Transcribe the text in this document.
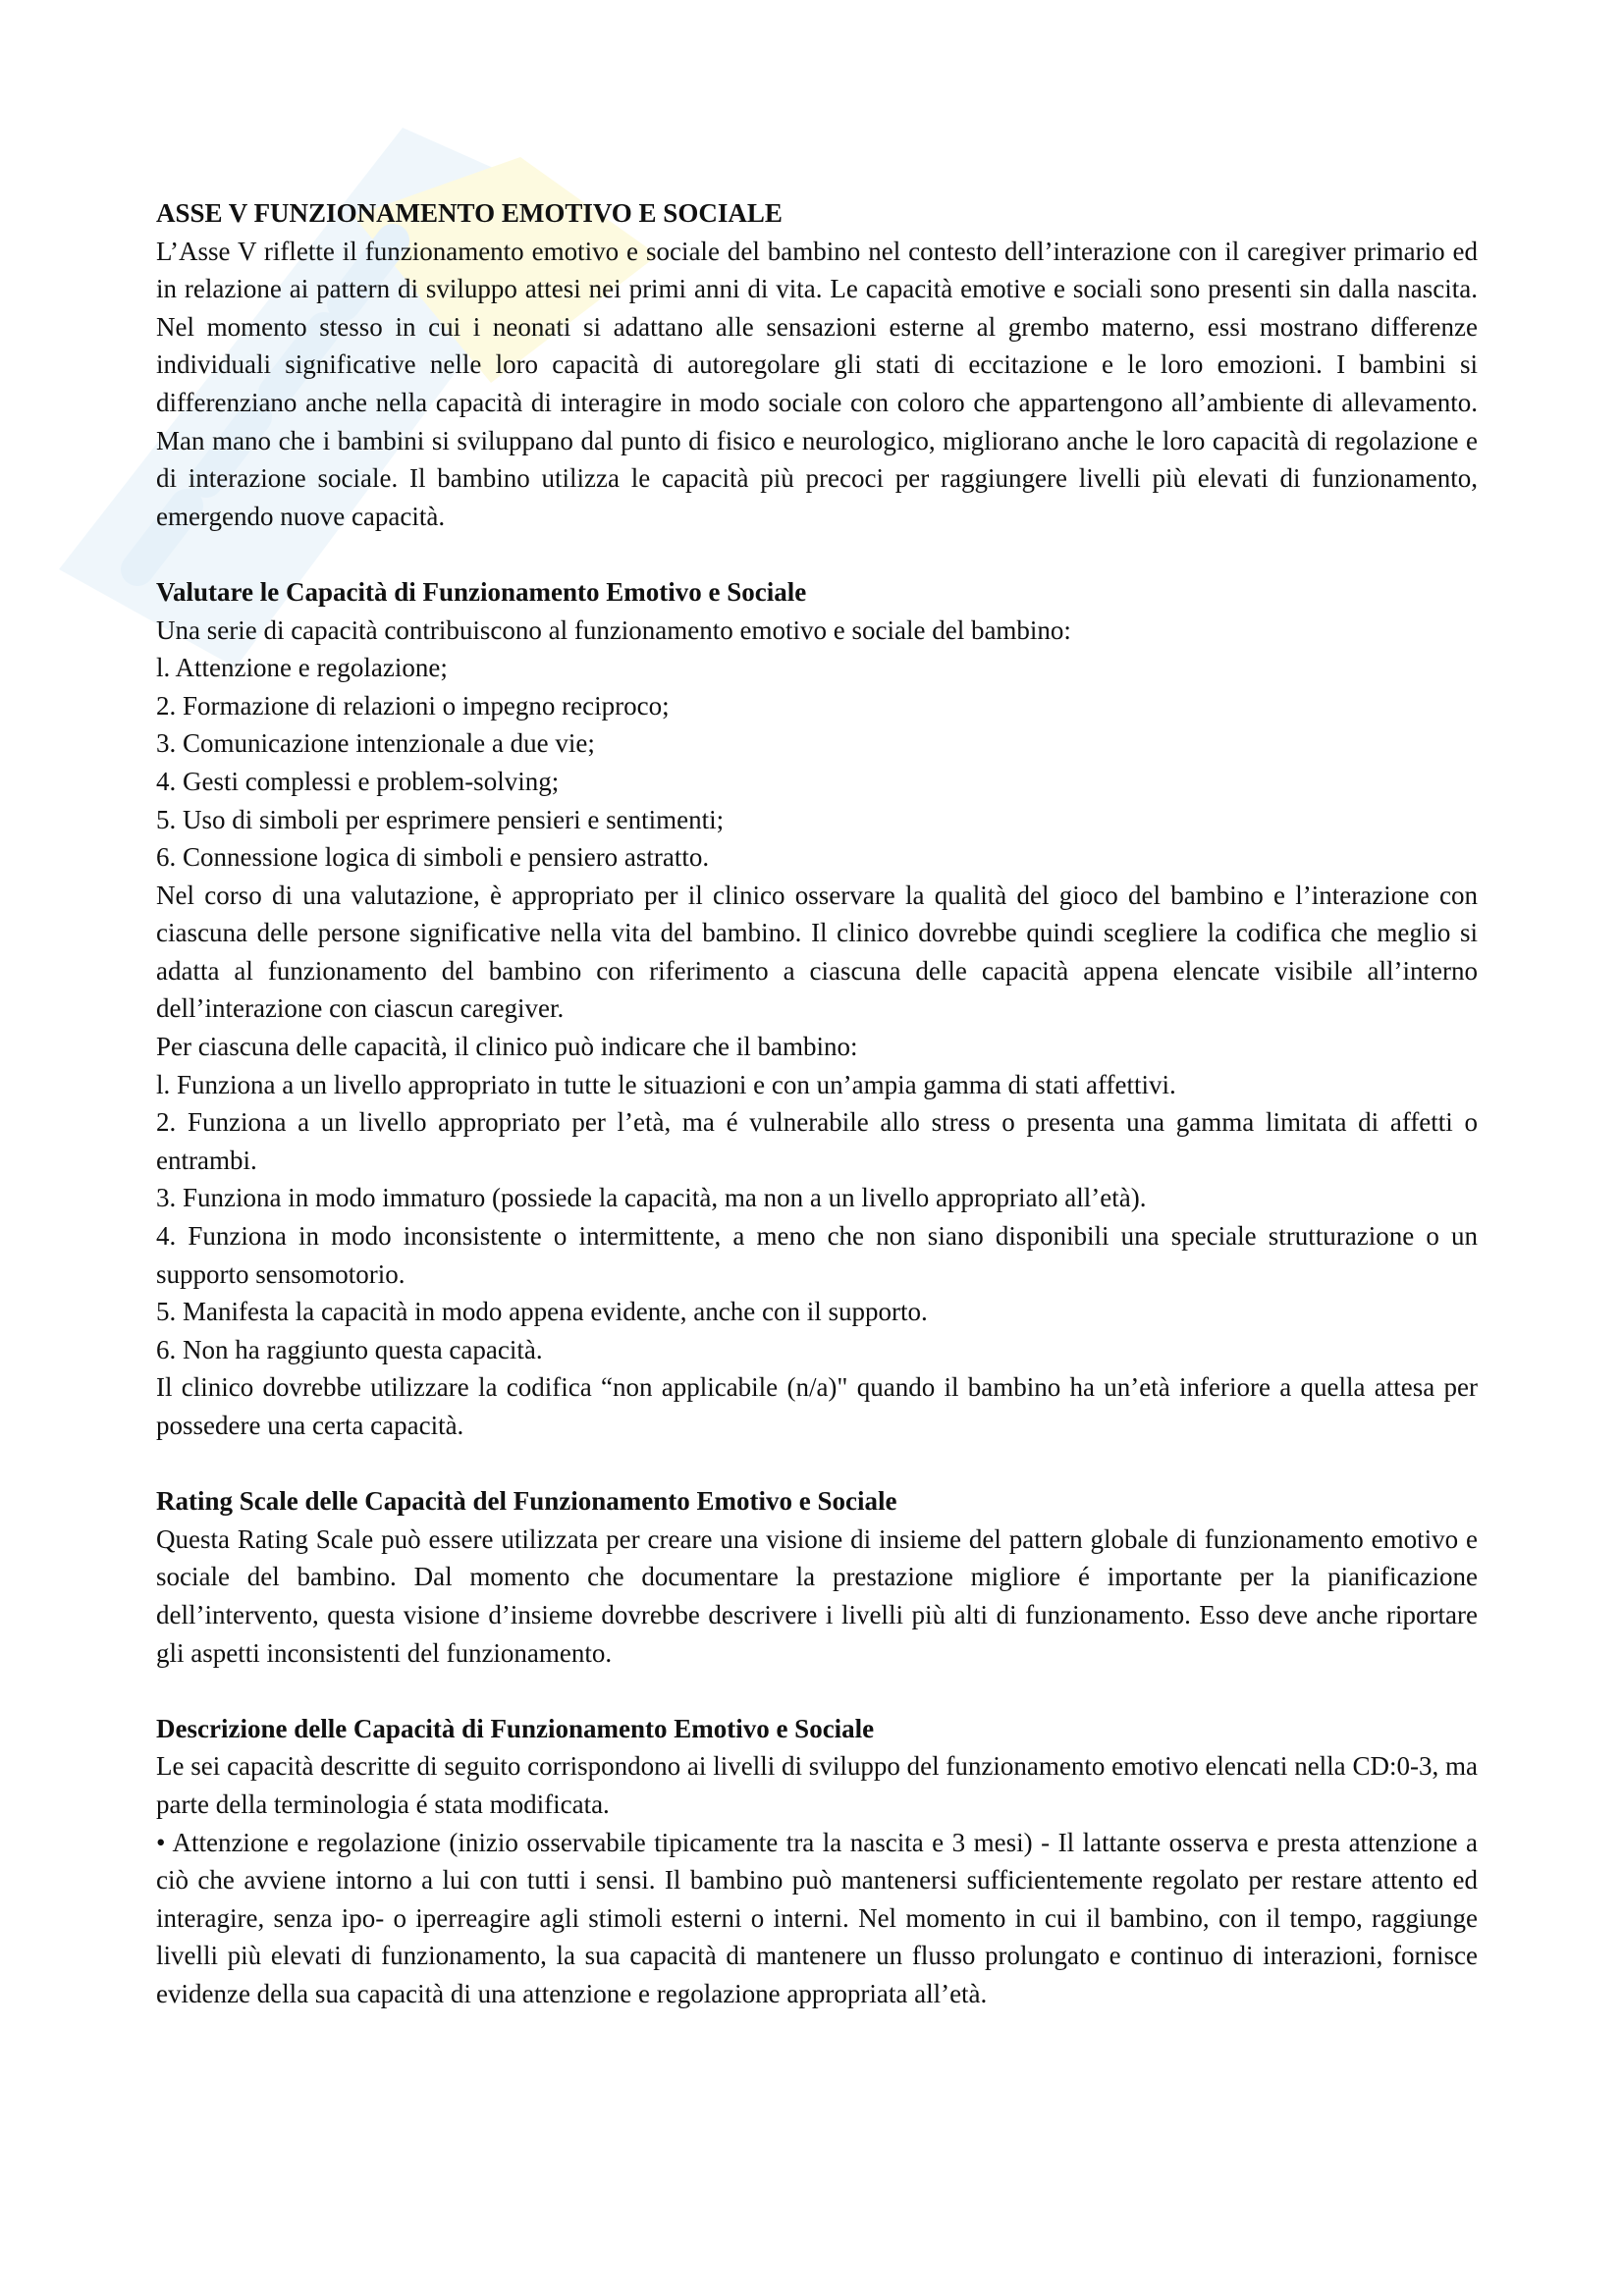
ASSE V FUNZIONAMENTO EMOTIVO E SOCIALE

L’Asse V riflette il funzionamento emotivo e sociale del bambino nel contesto dell’interazione con il caregiver primario ed in relazione ai pattern di sviluppo attesi nei primi anni di vita. Le capacità emotive e sociali sono presenti sin dalla nascita. Nel momento stesso in cui i neonati si adattano alle sensazioni esterne al grembo materno, essi mostrano differenze individuali significative nelle loro capacità di autoregolare gli stati di eccitazione e le loro emozioni. I bambini si differenziano anche nella capacità di interagire in modo sociale con coloro che appartengono all’ambiente di allevamento. Man mano che i bambini si sviluppano dal punto di fisico e neurologico, migliorano anche le loro capacità di regolazione e di interazione sociale. Il bambino utilizza le capacità più precoci per raggiungere livelli più elevati di funzionamento, emergendo nuove capacità.

Valutare le Capacità di Funzionamento Emotivo e Sociale

Una serie di capacità contribuiscono al funzionamento emotivo e sociale del bambino:

l. Attenzione e regolazione;

2. Formazione di relazioni o impegno reciproco;

3. Comunicazione intenzionale a due vie;

4. Gesti complessi e problem-solving;

5. Uso di simboli per esprimere pensieri e sentimenti;

6. Connessione logica di simboli e pensiero astratto.

Nel corso di una valutazione, è appropriato per il clinico osservare la qualità del gioco del bambino e l’interazione con ciascuna delle persone significative nella vita del bambino. Il clinico dovrebbe quindi scegliere la codifica che meglio si adatta al funzionamento del bambino con riferimento a ciascuna delle capacità appena elencate visibile all’interno dell’interazione con ciascun caregiver.

Per ciascuna delle capacità, il clinico può indicare che il bambino:

l. Funziona a un livello appropriato in tutte le situazioni e con un’ampia gamma di stati affettivi.

2. Funziona a un livello appropriato per l’età, ma é vulnerabile allo stress o presenta una gamma limitata di affetti o entrambi.

3. Funziona in modo immaturo (possiede la capacità, ma non a un livello appropriato all’età).

4. Funziona in modo inconsistente o intermittente, a meno che non siano disponibili una speciale strutturazione o un supporto sensomotorio.

5. Manifesta la capacità in modo appena evidente, anche con il supporto.

6. Non ha raggiunto questa capacità.

Il clinico dovrebbe utilizzare la codifica “non applicabile (n/a)" quando il bambino ha un’età inferiore a quella attesa per possedere una certa capacità.

Rating Scale delle Capacità del Funzionamento Emotivo e Sociale

Questa Rating Scale può essere utilizzata per creare una visione di insieme del pattern globale di funzionamento emotivo e sociale del bambino. Dal momento che documentare la prestazione migliore é importante per la pianificazione dell’intervento, questa visione d’insieme dovrebbe descrivere i livelli più alti di funzionamento. Esso deve anche riportare gli aspetti inconsistenti del funzionamento.

Descrizione delle Capacità di Funzionamento Emotivo e Sociale

Le sei capacità descritte di seguito corrispondono ai livelli di sviluppo del funzionamento emotivo elencati nella CD:0-3, ma parte della terminologia é stata modificata.

• Attenzione e regolazione (inizio osservabile tipicamente tra la nascita e 3 mesi) - Il lattante osserva e presta attenzione a ciò che avviene intorno a lui con tutti i sensi. Il bambino può mantenersi sufficientemente regolato per restare attento ed interagire, senza ipo- o iperreagire agli stimoli esterni o interni. Nel momento in cui il bambino, con il tempo, raggiunge livelli più elevati di funzionamento, la sua capacità di mantenere un flusso prolungato e continuo di interazioni, fornisce evidenze della sua capacità di una attenzione e regolazione appropriata all’età.
